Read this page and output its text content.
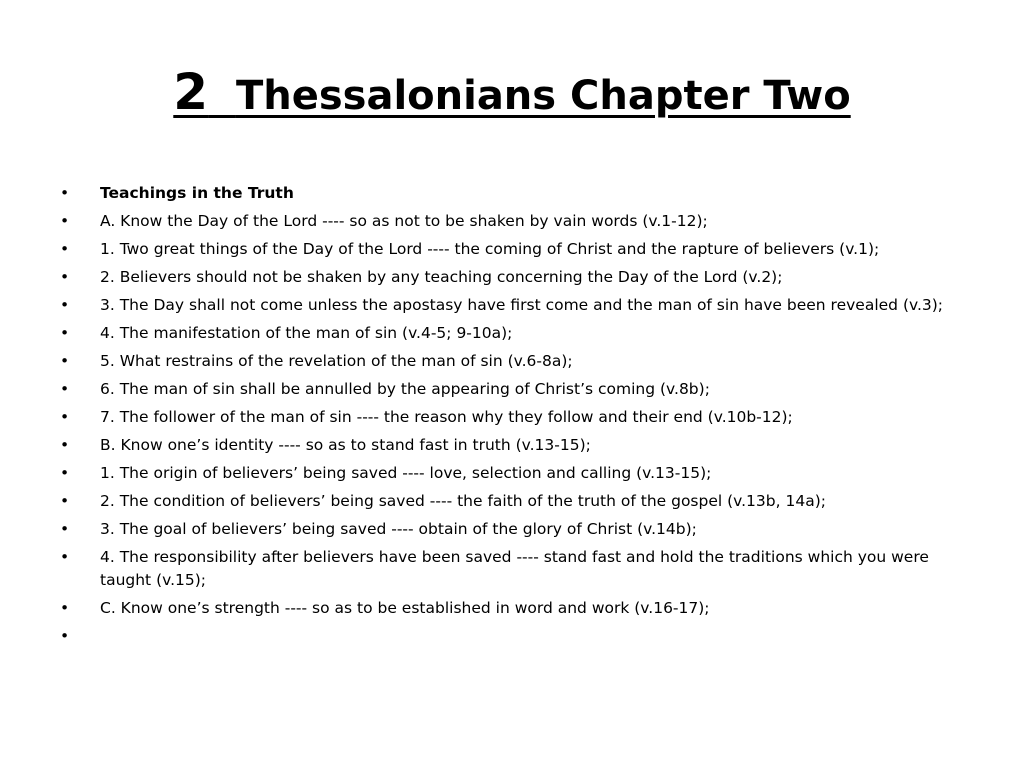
2 Thessalonians Chapter Two
•	Teachings in the Truth
•	A. Know the Day of the Lord ---- so as not to be shaken by vain words (v.1-12);
•	1. Two great things of the Day of the Lord ---- the coming of Christ and the rapture of believers (v.1);
•	2. Believers should not be shaken by any teaching concerning the Day of the Lord (v.2);
•	3. The Day shall not come unless the apostasy have first come and the man of sin have been revealed (v.3);
•	4. The manifestation of the man of sin (v.4-5; 9-10a);
•	5. What restrains of the revelation of the man of sin (v.6-8a);
•	6. The man of sin shall be annulled by the appearing of Christ’s coming (v.8b);
•	7. The follower of the man of sin ---- the reason why they follow and their end (v.10b-12);
•	B. Know one’s identity ---- so as to stand fast in truth (v.13-15);
•	1. The origin of believers’ being saved ---- love, selection and calling (v.13-15);
•	2. The condition of believers’ being saved ---- the faith of the truth of the gospel (v.13b, 14a);
•	3. The goal of believers’ being saved ---- obtain of the glory of Christ (v.14b);
•	4. The responsibility after believers have been saved ---- stand fast and hold the traditions which you were taught (v.15);
•	C. Know one’s strength ---- so as to be established in word and work (v.16-17);
•
